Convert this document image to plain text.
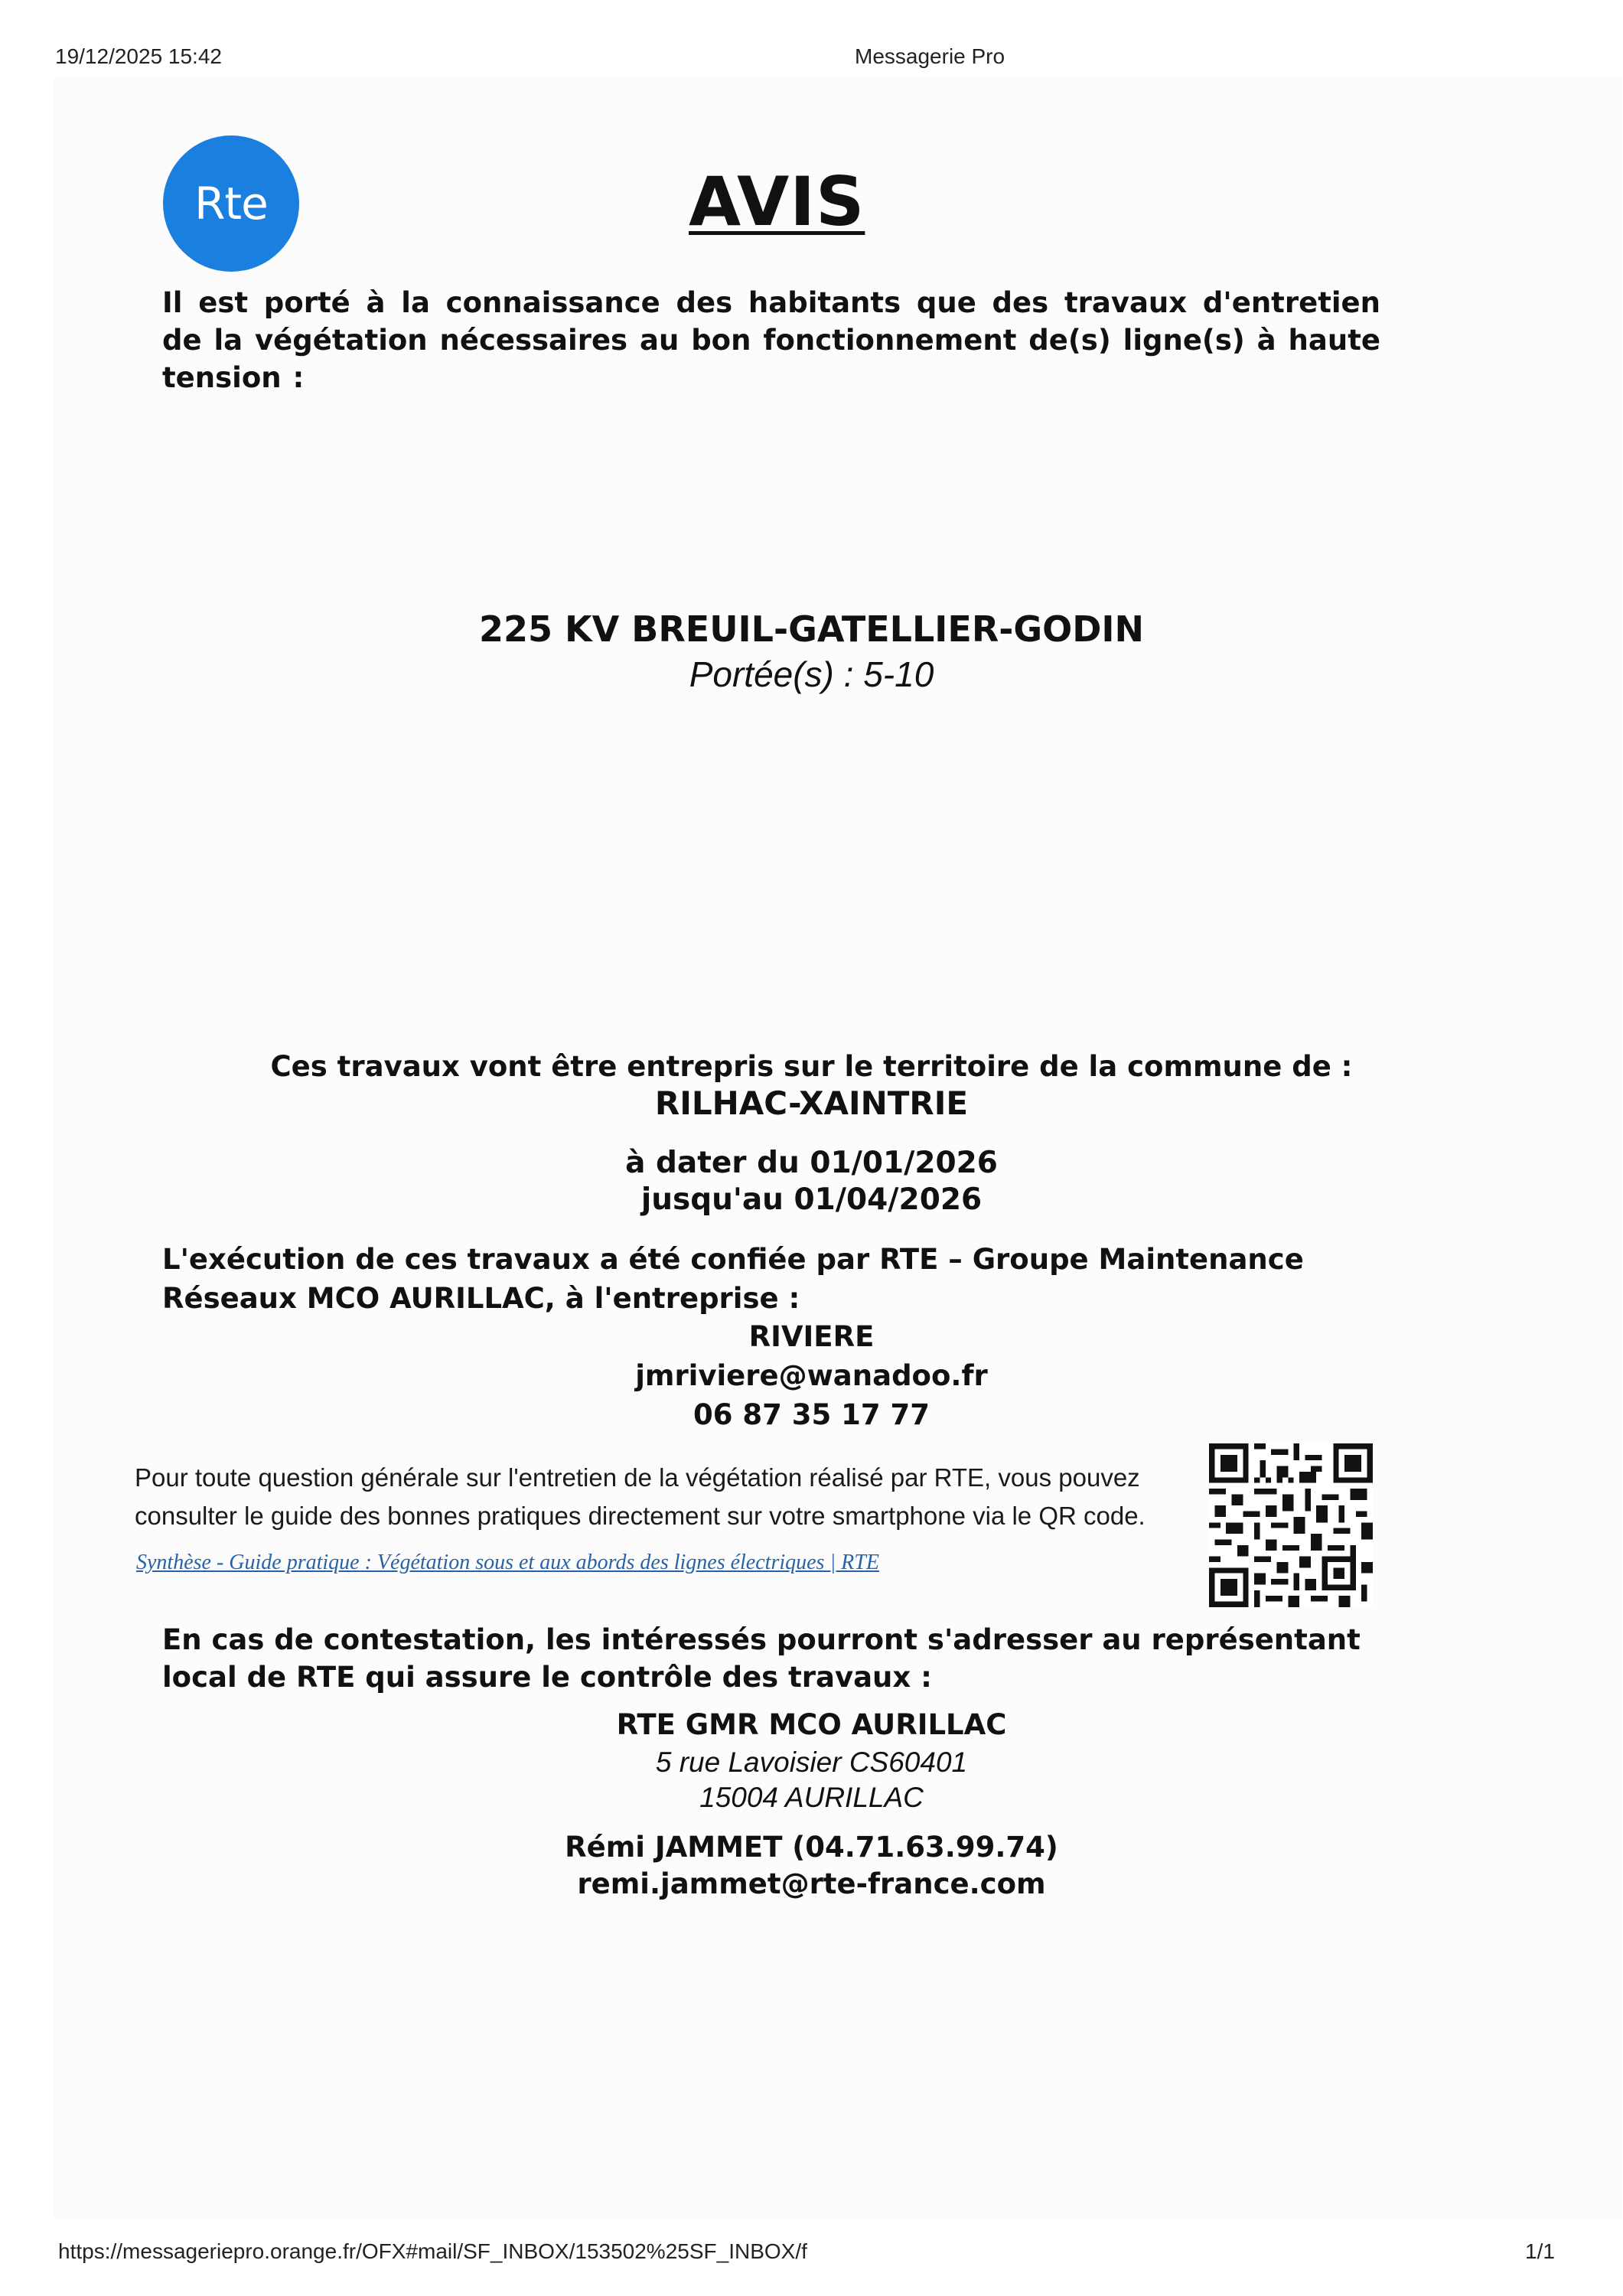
19/12/2025 15:42	Messagerie Pro
Rte	AVIS
Il est porté à la connaissance des habitants que des travaux d'entretien de la végétation nécessaires au bon fonctionnement de(s) ligne(s) à haute tension :
225 KV BREUIL-GATELLIER-GODIN
Portée(s) : 5-10
Ces travaux vont être entrepris sur le territoire de la commune de :
RILHAC-XAINTRIE
à dater du 01/01/2026
jusqu'au 01/04/2026
L'exécution de ces travaux a été confiée par RTE – Groupe Maintenance Réseaux MCO AURILLAC, à l'entreprise :
RIVIERE
jmriviere@wanadoo.fr
06 87 35 17 77
Pour toute question générale sur l'entretien de la végétation réalisé par RTE, vous pouvez consulter le guide des bonnes pratiques directement sur votre smartphone via le QR code.
Synthèse - Guide pratique : Végétation sous et aux abords des lignes électriques | RTE
En cas de contestation, les intéressés pourront s'adresser au représentant local de RTE qui assure le contrôle des travaux :
RTE GMR MCO AURILLAC
5 rue Lavoisier CS60401
15004 AURILLAC
Rémi JAMMET (04.71.63.99.74)
remi.jammet@rte-france.com
https://messageriepro.orange.fr/OFX#mail/SF_INBOX/153502%25SF_INBOX/f	1/1
